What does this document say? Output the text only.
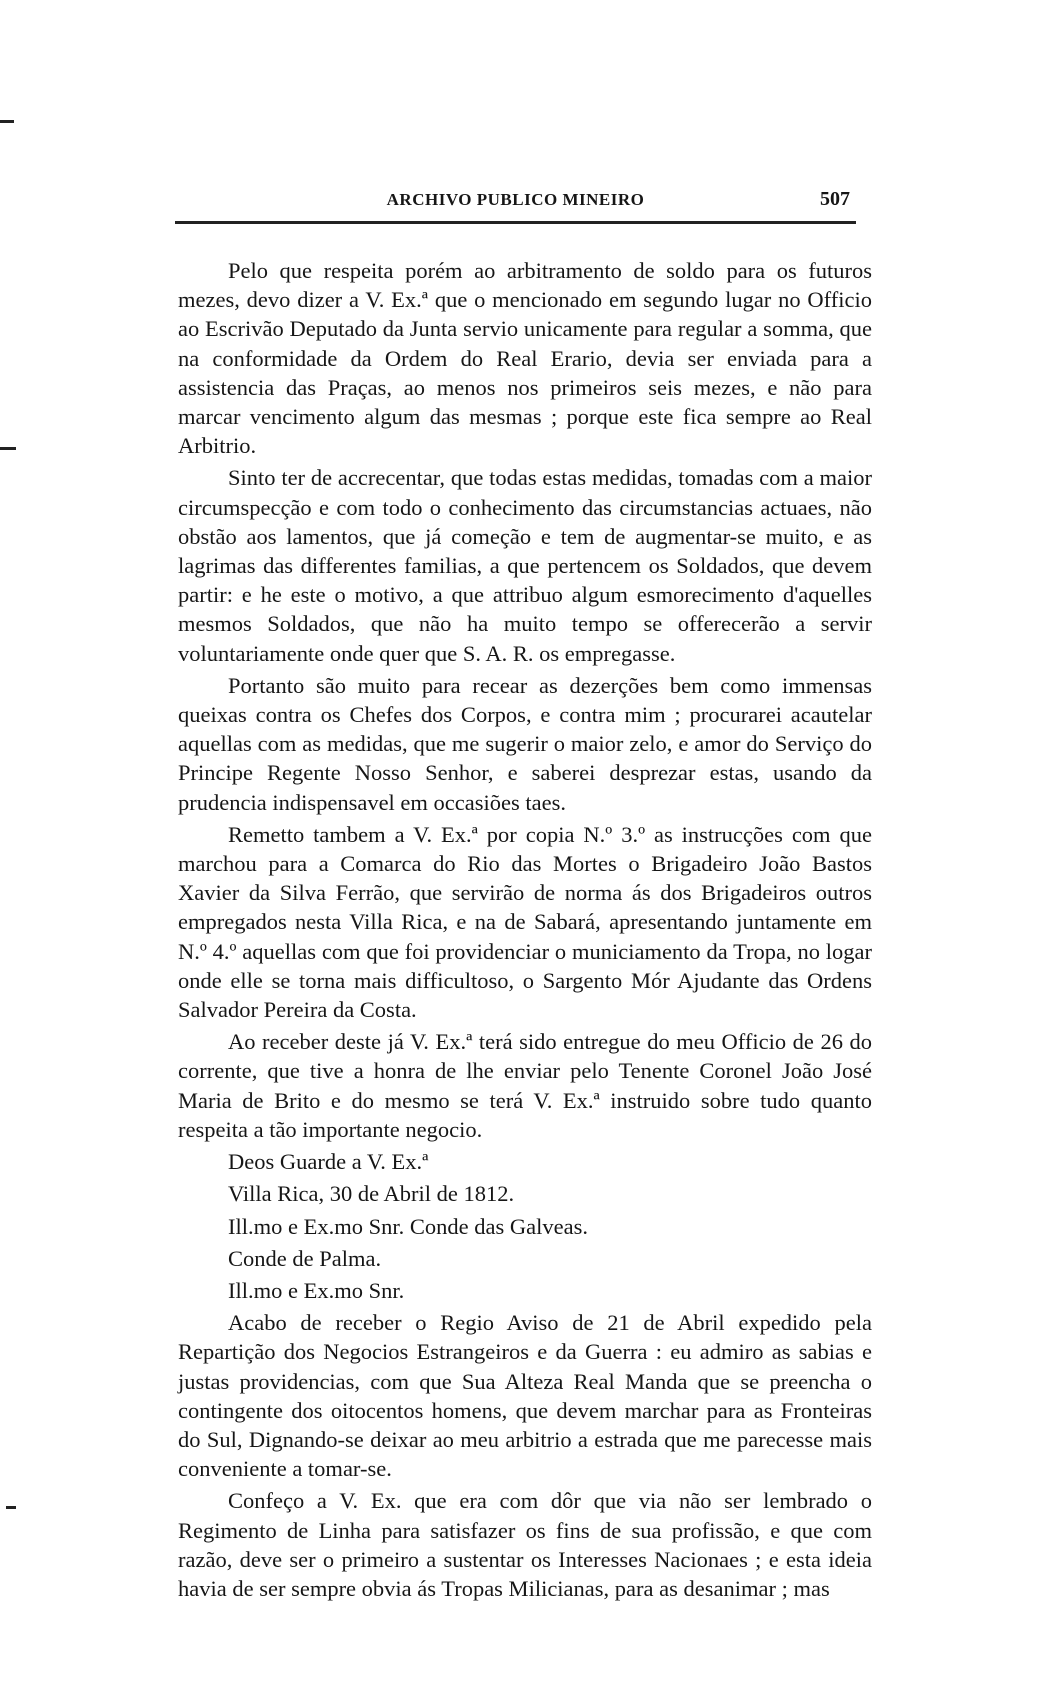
ARCHIVO PUBLICO MINEIRO	507

Pelo que respeita porém ao arbitramento de soldo para os futuros mezes, devo dizer a V. Ex.ª que o mencionado em segundo lugar no Officio ao Escrivão Deputado da Junta servio unicamente para regular a somma, que na conformidade da Ordem do Real Erario, devia ser enviada para a assistencia das Praças, ao menos nos primeiros seis mezes, e não para marcar vencimento algum das mesmas ; porque este fica sempre ao Real Arbitrio.

Sinto ter de accrecentar, que todas estas medidas, tomadas com a maior circumspecção e com todo o conhecimento das circumstancias actuaes, não obstão aos lamentos, que já começão e tem de augmentar-se muito, e as lagrimas das differentes familias, a que pertencem os Soldados, que devem partir: e he este o motivo, a que attribuo algum esmorecimento d'aquelles mesmos Soldados, que não ha muito tempo se offerecerão a servir voluntariamente onde quer que S. A. R. os empregasse.

Portanto são muito para recear as dezerções bem como immensas queixas contra os Chefes dos Corpos, e contra mim ; procurarei acautelar aquellas com as medidas, que me sugerir o maior zelo, e amor do Serviço do Principe Regente Nosso Senhor, e saberei desprezar estas, usando da prudencia indispensavel em occasiões taes.

Remetto tambem a V. Ex.ª por copia N.º 3.º as instrucções com que marchou para a Comarca do Rio das Mortes o Brigadeiro João Bastos Xavier da Silva Ferrão, que servirão de norma ás dos Brigadeiros outros empregados nesta Villa Rica, e na de Sabará, apresentando juntamente em N.º 4.º aquellas com que foi providenciar o municiamento da Tropa, no logar onde elle se torna mais difficultoso, o Sargento Mór Ajudante das Ordens Salvador Pereira da Costa.

Ao receber deste já V. Ex.ª terá sido entregue do meu Officio de 26 do corrente, que tive a honra de lhe enviar pelo Tenente Coronel João José Maria de Brito e do mesmo se terá V. Ex.ª instruido sobre tudo quanto respeita a tão importante negocio.

Deos Guarde a V. Ex.ª

Villa Rica, 30 de Abril de 1812.

Ill.mo e Ex.mo Snr. Conde das Galveas.

Conde de Palma.

Ill.mo e Ex.mo Snr.

Acabo de receber o Regio Aviso de 21 de Abril expedido pela Repartição dos Negocios Estrangeiros e da Guerra : eu admiro as sabias e justas providencias, com que Sua Alteza Real Manda que se preencha o contingente dos oitocentos homens, que devem marchar para as Fronteiras do Sul, Dignando-se deixar ao meu arbitrio a estrada que me parecesse mais conveniente a tomar-se.

Confeço a V. Ex. que era com dôr que via não ser lembrado o Regimento de Linha para satisfazer os fins de sua profissão, e que com razão, deve ser o primeiro a sustentar os Interesses Nacionaes ; e esta ideia havia de ser sempre obvia ás Tropas Milicianas, para as desanimar ; mas
